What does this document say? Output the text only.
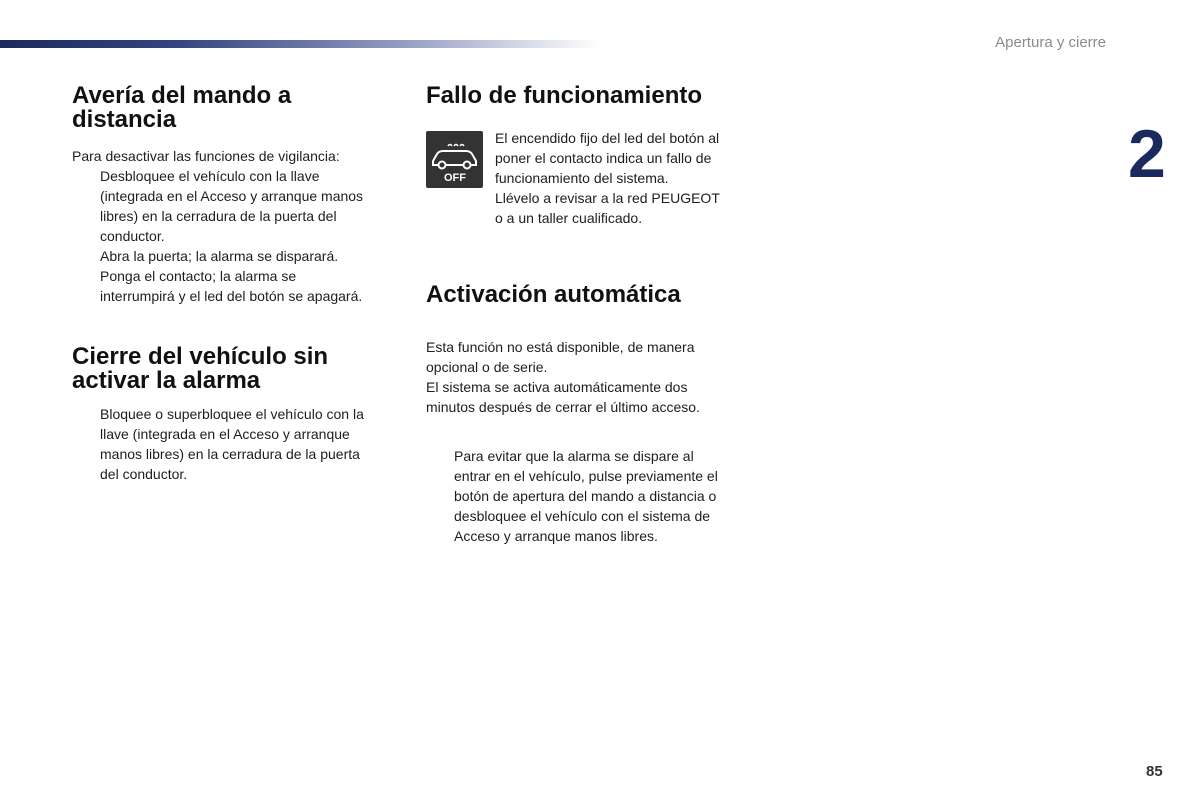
Apertura y cierre
2
85
Avería del mando a
distancia

Para desactivar las funciones de vigilancia:

Desbloquee el vehículo con la llave
(integrada en el Acceso y arranque manos
libres) en la cerradura de la puerta del
conductor.
Abra la puerta; la alarma se disparará.
Ponga el contacto; la alarma se
interrumpirá y el led del botón se apagará.
Cierre del vehículo sin
activar la alarma
Bloquee o superbloquee el vehículo con la
llave (integrada en el Acceso y arranque
manos libres) en la cerradura de la puerta
del conductor.
Fallo de funcionamiento
OFF

El encendido fijo del led del botón al

poner el contacto indica un fallo de

funcionamiento del sistema.

Llévelo a revisar a la red PEUGEOT

o a un taller cualificado.

Activación automática

Esta función no está disponible, de manera

opcional o de serie.

El sistema se activa automáticamente dos

minutos después de cerrar el último acceso.

Para evitar que la alarma se dispare al
entrar en el vehículo, pulse previamente el
botón de apertura del mando a distancia o
desbloquee el vehículo con el sistema de
Acceso y arranque manos libres.
